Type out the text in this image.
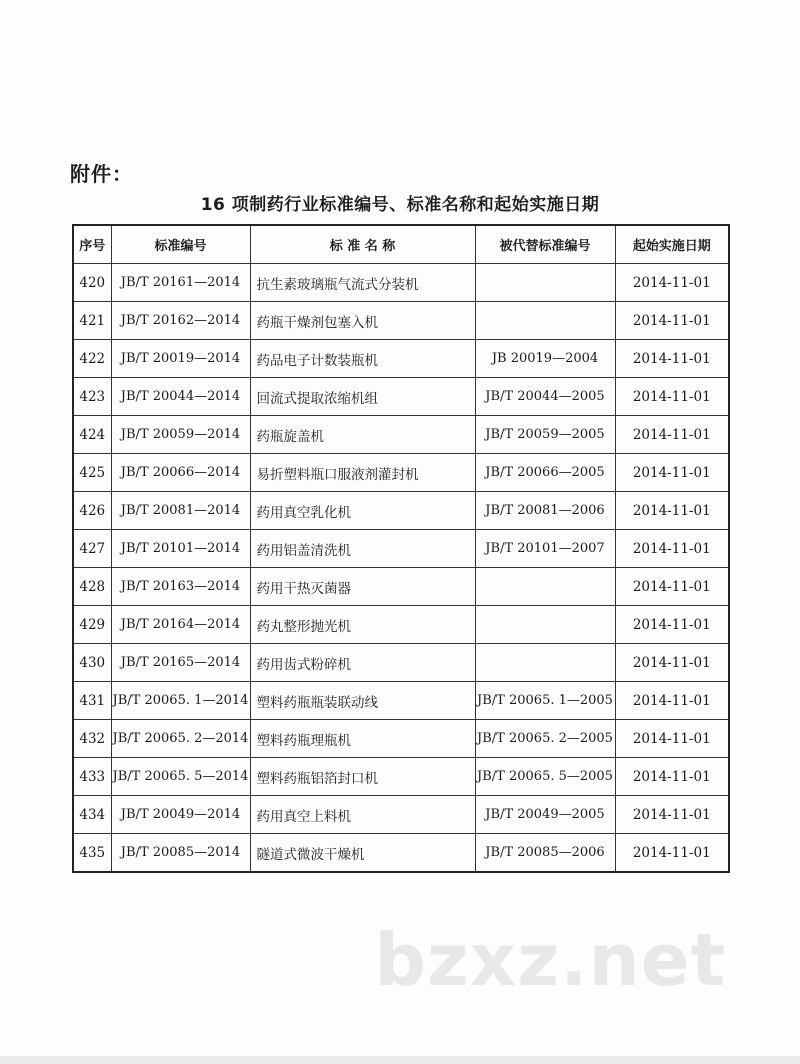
附件：
16 项制药行业标准编号、标准名称和起始实施日期
序号	标准编号	标 准 名 称	被代替标准编号	起始实施日期
420	JB/T 20161—2014	抗生素玻璃瓶气流式分装机		2014-11-01
421	JB/T 20162—2014	药瓶干燥剂包塞入机		2014-11-01
422	JB/T 20019—2014	药品电子计数装瓶机	JB 20019—2004	2014-11-01
423	JB/T 20044—2014	回流式提取浓缩机组	JB/T 20044—2005	2014-11-01
424	JB/T 20059—2014	药瓶旋盖机	JB/T 20059—2005	2014-11-01
425	JB/T 20066—2014	易折塑料瓶口服液剂灌封机	JB/T 20066—2005	2014-11-01
426	JB/T 20081—2014	药用真空乳化机	JB/T 20081—2006	2014-11-01
427	JB/T 20101—2014	药用铝盖清洗机	JB/T 20101—2007	2014-11-01
428	JB/T 20163—2014	药用干热灭菌器		2014-11-01
429	JB/T 20164—2014	药丸整形抛光机		2014-11-01
430	JB/T 20165—2014	药用齿式粉碎机		2014-11-01
431	JB/T 20065. 1—2014	塑料药瓶瓶装联动线	JB/T 20065. 1—2005	2014-11-01
432	JB/T 20065. 2—2014	塑料药瓶理瓶机	JB/T 20065. 2—2005	2014-11-01
433	JB/T 20065. 5—2014	塑料药瓶铝箔封口机	JB/T 20065. 5—2005	2014-11-01
434	JB/T 20049—2014	药用真空上料机	JB/T 20049—2005	2014-11-01
435	JB/T 20085—2014	隧道式微波干燥机	JB/T 20085—2006	2014-11-01
bzxz.net
